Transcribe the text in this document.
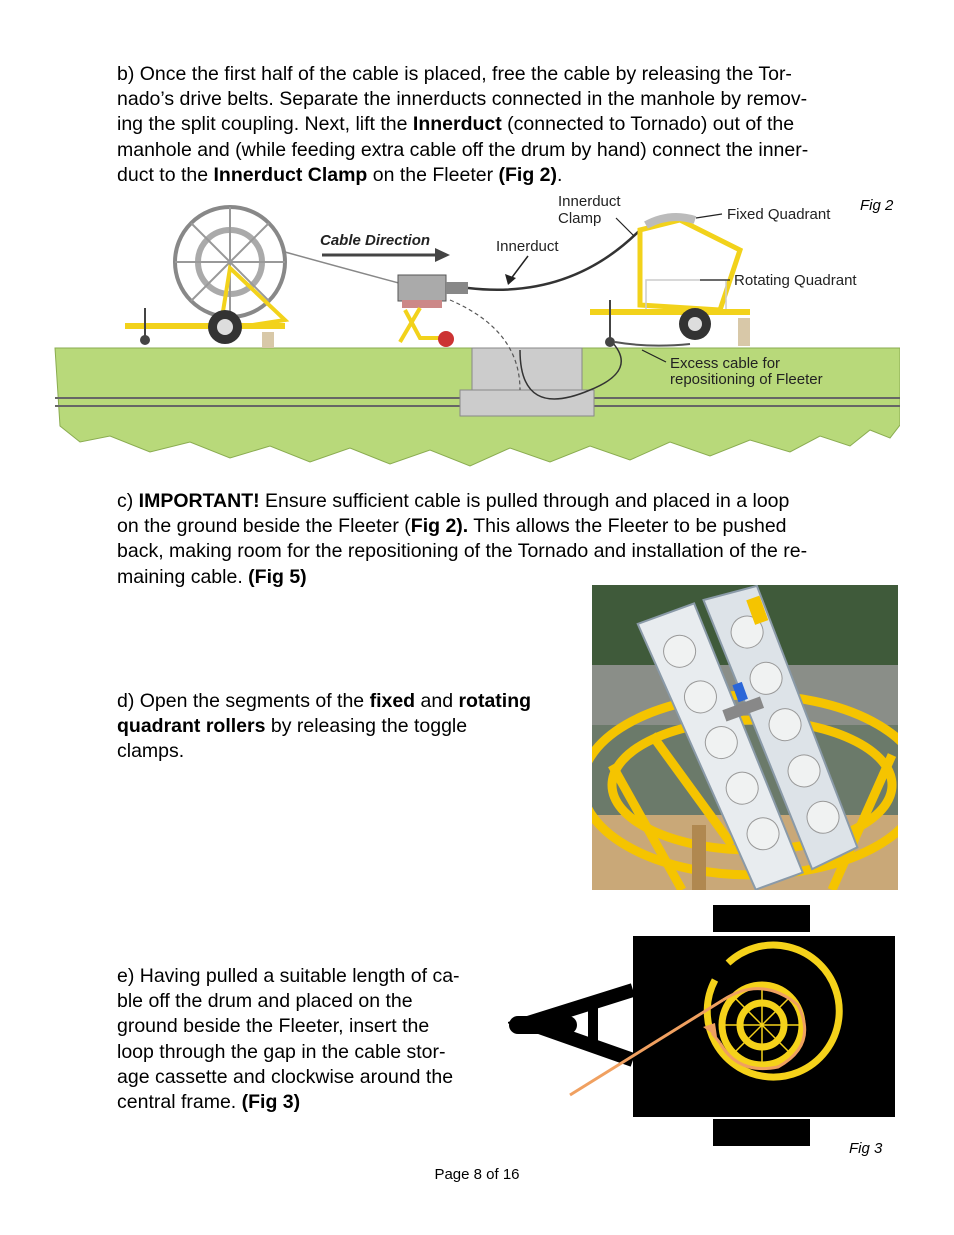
b) Once the first half of the cable is placed, free the cable by releasing the Tor-
nado’s drive belts. Separate the innerducts connected in the manhole by remov-
ing the split coupling. Next, lift the Innerduct (connected to Tornado) out of the
manhole and (while feeding extra cable off the drum by hand) connect the inner-
duct to the Innerduct Clamp on the Fleeter (Fig 2).

Cable Direction	Innerduct
Innerduct
Clamp	Fixed Quadrant
Rotating Quadrant
Excess cable for
repositioning of Fleeter
Fig 2

c) IMPORTANT! Ensure sufficient cable is pulled through and placed in a loop
on the ground beside the Fleeter (Fig 2). This allows the Fleeter to be pushed
back, making room for the repositioning of the Tornado and installation of the re-
maining cable. (Fig 5)

d) Open the segments of the fixed and rotating
quadrant rollers by releasing the toggle
clamps.

e) Having pulled a suitable length of ca-
ble off the drum and placed on the
ground beside the Fleeter, insert the
loop through the gap in the cable stor-
age cassette and clockwise around the
central frame. (Fig 3)

Fig 3
Page 8 of 16
